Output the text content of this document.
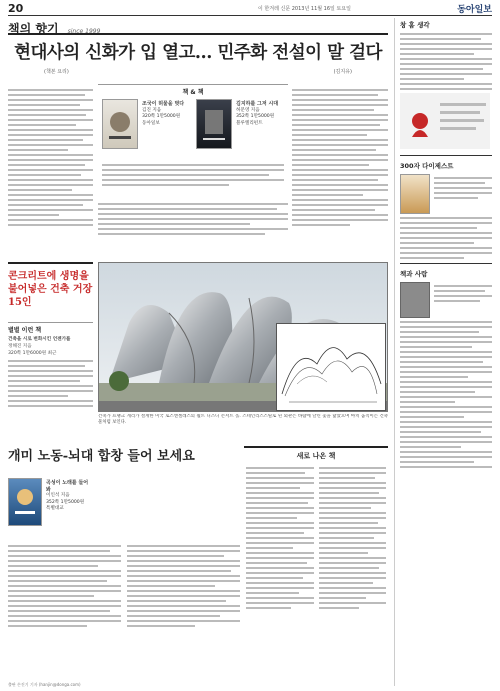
20	이 한겨레 신문 2013년 11월 16일 토요일	동아일보
책의 향기 since 1999
현대사의 신화가 입 열고… 민주화 전설이 말 걸다
(책본 요리)	(김지유)
책 & 책
조국이 허물을 벗다
김진 지음
320쪽 1만5000원
동아일보
김지하를 그저 시대
허문영 지음
352쪽 1만5000원
블루엘리펀트
콘크리트에 생명을 불어넣은 건축 거장 15인
건축가 프랭크 게리가 설계한 미국 로스앤젤레스의 월트 디즈니 콘서트 홀. 스테인리스스틸로 된 외관은 바람에 날린 돛을 닮았으며 마치 움직이는 건축물처럼 보인다.
별별 이런 책
건축을 시로 변화시킨 언젠가를
정해진 지음
320쪽 1만6000원 최근
개미 노동-뇌대 합창 들어 보세요
곡성이 노래를 들어봐
이인석 지음
352쪽 1만5000원
특별대교
새로 나온 책
창 홈 생각
300자 다이제스트
책과 사람
출판 손진기 기자 (hanjin@donga.com)
